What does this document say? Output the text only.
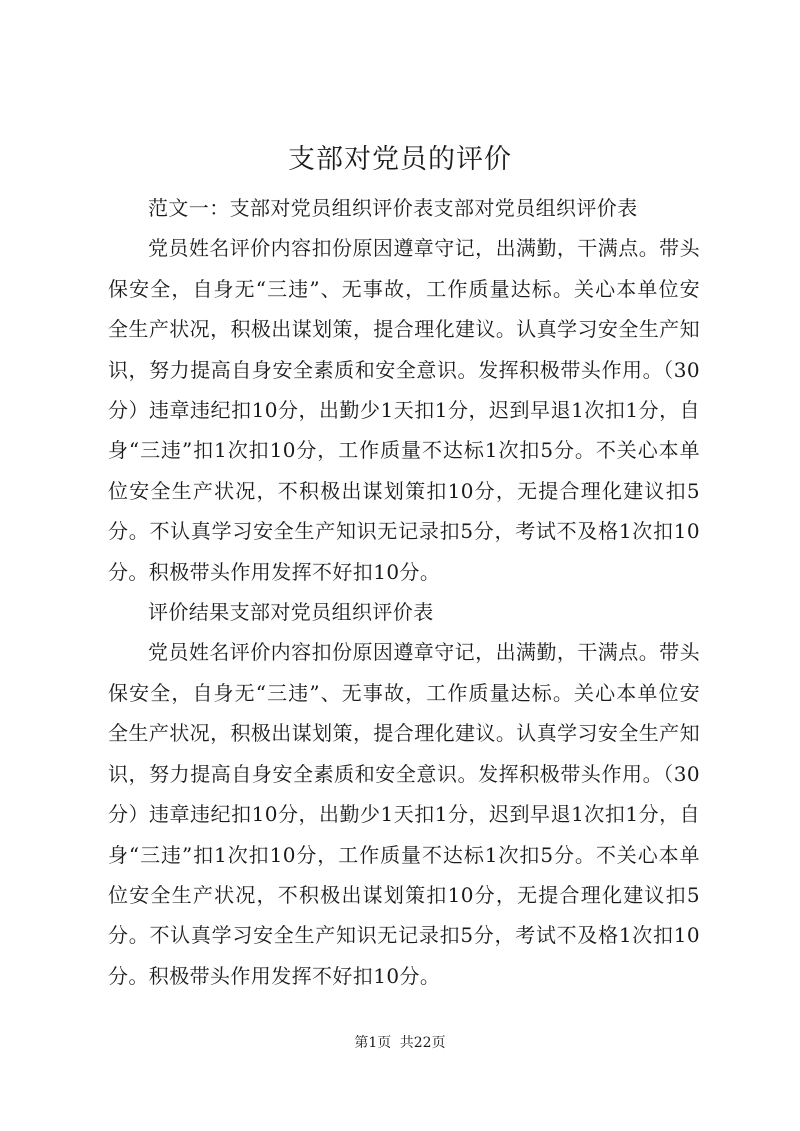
支部对党员的评价

范文一：支部对党员组织评价表支部对党员组织评价表

党员姓名评价内容扣份原因遵章守记，出满勤，干满点。带头保安全，自身无“三违”、无事故，工作质量达标。关心本单位安全生产状况，积极出谋划策，提合理化建议。认真学习安全生产知识，努力提高自身安全素质和安全意识。发挥积极带头作用。（30分）违章违纪扣10分，出勤少1天扣1分，迟到早退1次扣1分，自身“三违”扣1次扣10分，工作质量不达标1次扣5分。不关心本单位安全生产状况，不积极出谋划策扣10分，无提合理化建议扣5分。不认真学习安全生产知识无记录扣5分，考试不及格1次扣10分。积极带头作用发挥不好扣10分。

评价结果支部对党员组织评价表

党员姓名评价内容扣份原因遵章守记，出满勤，干满点。带头保安全，自身无“三违”、无事故，工作质量达标。关心本单位安全生产状况，积极出谋划策，提合理化建议。认真学习安全生产知识，努力提高自身安全素质和安全意识。发挥积极带头作用。（30分）违章违纪扣10分，出勤少1天扣1分，迟到早退1次扣1分，自身“三违”扣1次扣10分，工作质量不达标1次扣5分。不关心本单位安全生产状况，不积极出谋划策扣10分，无提合理化建议扣5分。不认真学习安全生产知识无记录扣5分，考试不及格1次扣10分。积极带头作用发挥不好扣10分。

第1页 共22页
